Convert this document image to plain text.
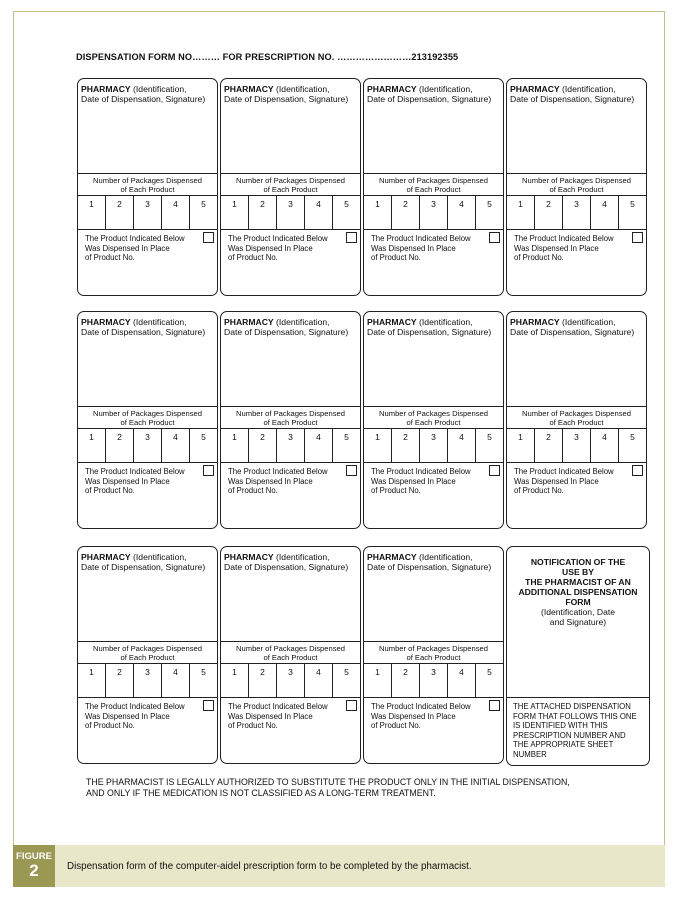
DISPENSATION FORM NO……… FOR PRESCRIPTION NO. ……………………213192355
PHARMACY (Identification,
Date of Dispensation, Signature)
Number of Packages Dispensed
of Each Product
1	2	3	4	5
The Product Indicated Below
Was Dispensed In Place
of Product No.
PHARMACY (Identification,
Date of Dispensation, Signature)
Number of Packages Dispensed
of Each Product
1	2	3	4	5
The Product Indicated Below
Was Dispensed In Place
of Product No.
PHARMACY (Identification,
Date of Dispensation, Signature)
Number of Packages Dispensed
of Each Product
1	2	3	4	5
The Product Indicated Below
Was Dispensed In Place
of Product No.
PHARMACY (Identification,
Date of Dispensation, Signature)
Number of Packages Dispensed
of Each Product
1	2	3	4	5
The Product Indicated Below
Was Dispensed In Place
of Product No.
PHARMACY (Identification,
Date of Dispensation, Signature)
Number of Packages Dispensed
of Each Product
1	2	3	4	5
The Product Indicated Below
Was Dispensed In Place
of Product No.
PHARMACY (Identification,
Date of Dispensation, Signature)
Number of Packages Dispensed
of Each Product
1	2	3	4	5
The Product Indicated Below
Was Dispensed In Place
of Product No.
PHARMACY (Identification,
Date of Dispensation, Signature)
Number of Packages Dispensed
of Each Product
1	2	3	4	5
The Product Indicated Below
Was Dispensed In Place
of Product No.
PHARMACY (Identification,
Date of Dispensation, Signature)
Number of Packages Dispensed
of Each Product
1	2	3	4	5
The Product Indicated Below
Was Dispensed In Place
of Product No.
PHARMACY (Identification,
Date of Dispensation, Signature)
Number of Packages Dispensed
of Each Product
1	2	3	4	5
The Product Indicated Below
Was Dispensed In Place
of Product No.
PHARMACY (Identification,
Date of Dispensation, Signature)
Number of Packages Dispensed
of Each Product
1	2	3	4	5
The Product Indicated Below
Was Dispensed In Place
of Product No.
PHARMACY (Identification,
Date of Dispensation, Signature)
Number of Packages Dispensed
of Each Product
1	2	3	4	5
The Product Indicated Below
Was Dispensed In Place
of Product No.
NOTIFICATION OF THE
USE BY
THE PHARMACIST OF AN
ADDITIONAL DISPENSATION
FORM
(Identification, Date
and Signature)
THE ATTACHED DISPENSATION
FORM THAT FOLLOWS THIS ONE
IS IDENTIFIED WITH THIS
PRESCRIPTION NUMBER AND
THE APPROPRIATE SHEET
NUMBER
THE PHARMACIST IS LEGALLY AUTHORIZED TO SUBSTITUTE THE PRODUCT ONLY IN THE INITIAL DISPENSATION,
AND ONLY IF THE MEDICATION IS NOT CLASSIFIED AS A LONG-TERM TREATMENT.
FIGURE
2	Dispensation form of the computer-aidel prescription form to be completed by the pharmacist.
